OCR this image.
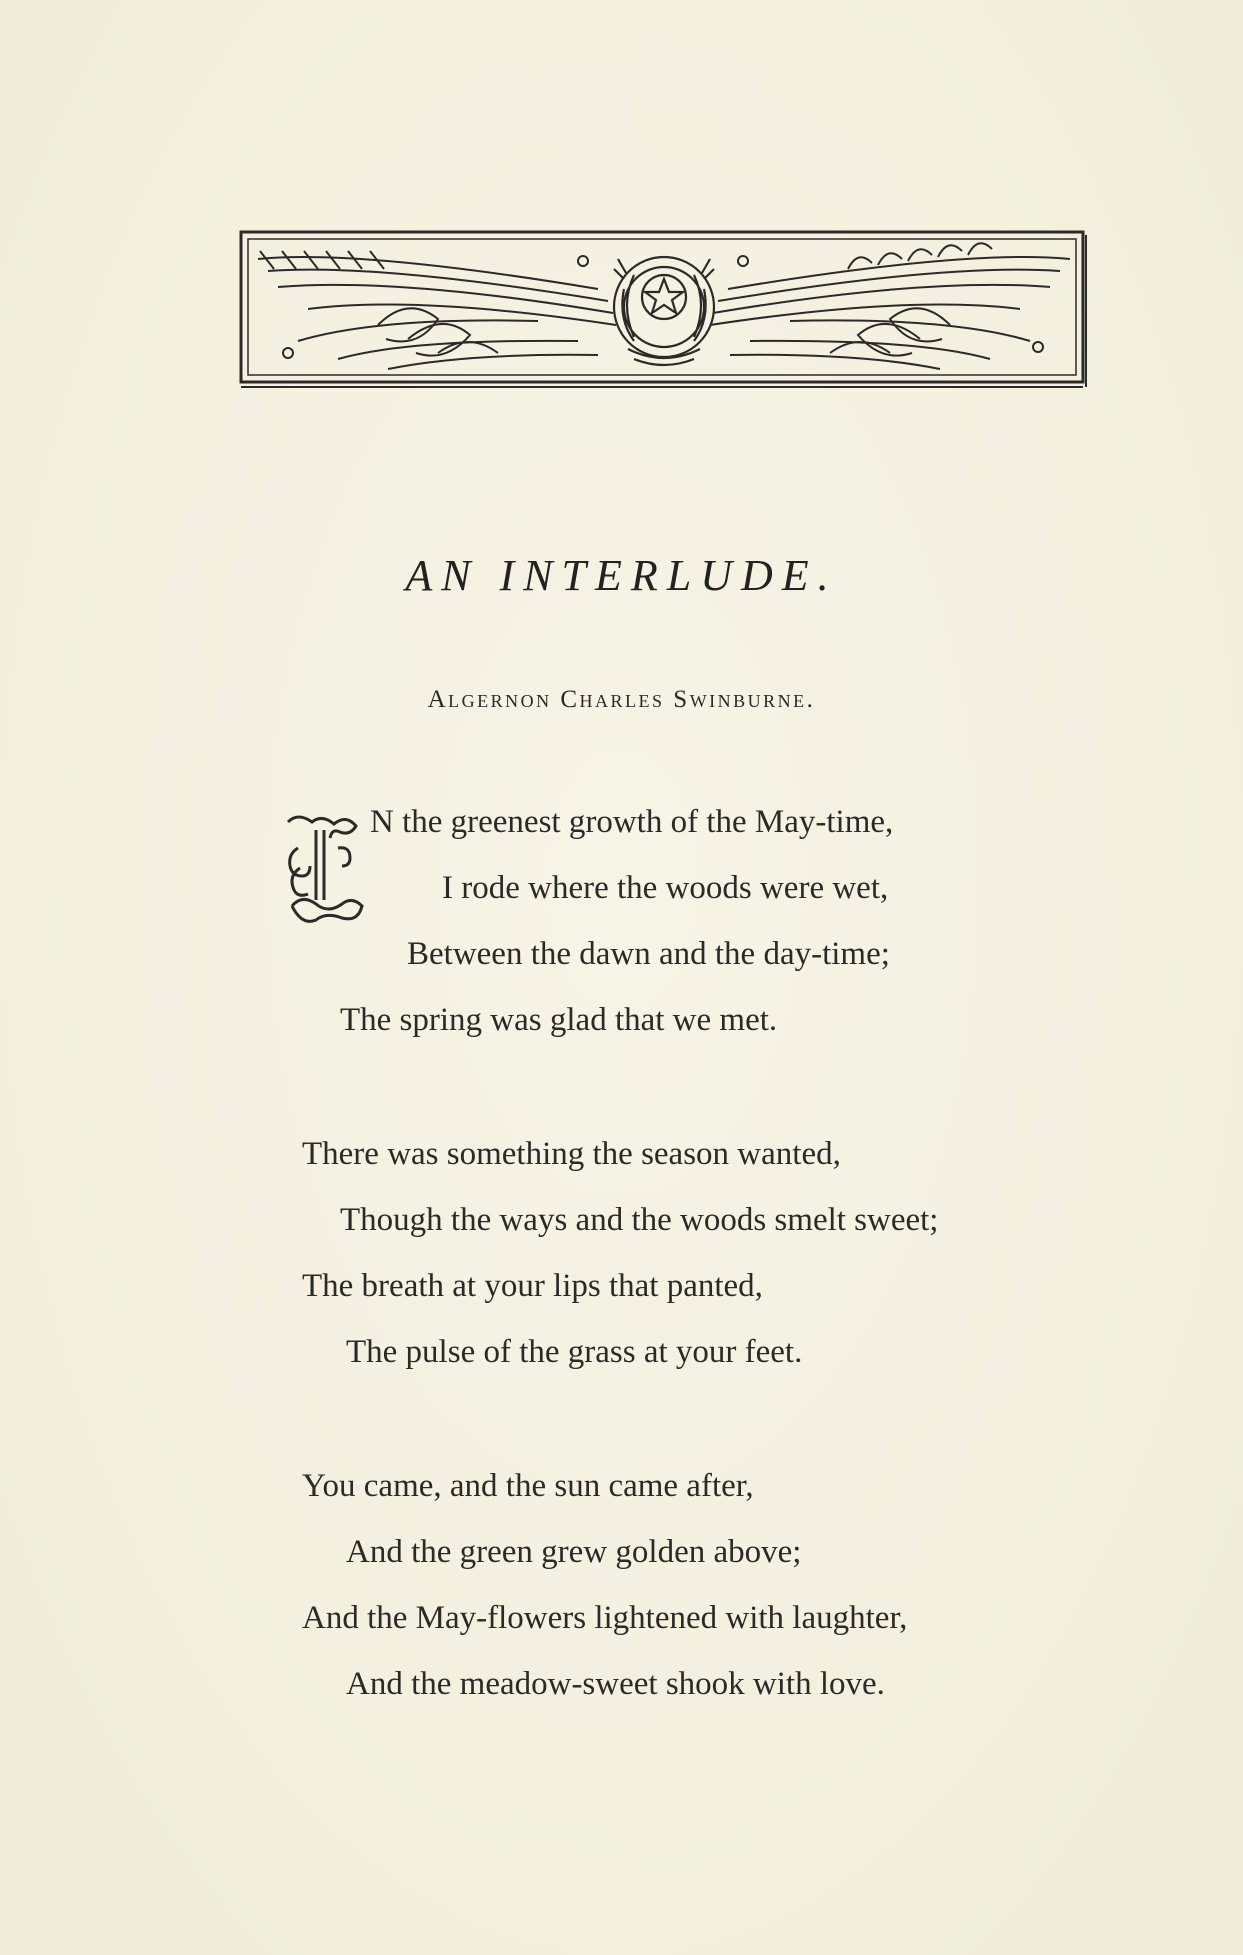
AN INTERLUDE.
Algernon Charles Swinburne.
N the greenest growth of the May-time,
I rode where the woods were wet,
Between the dawn and the day-time;
The spring was glad that we met.
There was something the season wanted,
Though the ways and the woods smelt sweet;
The breath at your lips that panted,
The pulse of the grass at your feet.
You came, and the sun came after,
And the green grew golden above;
And the May-flowers lightened with laughter,
And the meadow-sweet shook with love.
